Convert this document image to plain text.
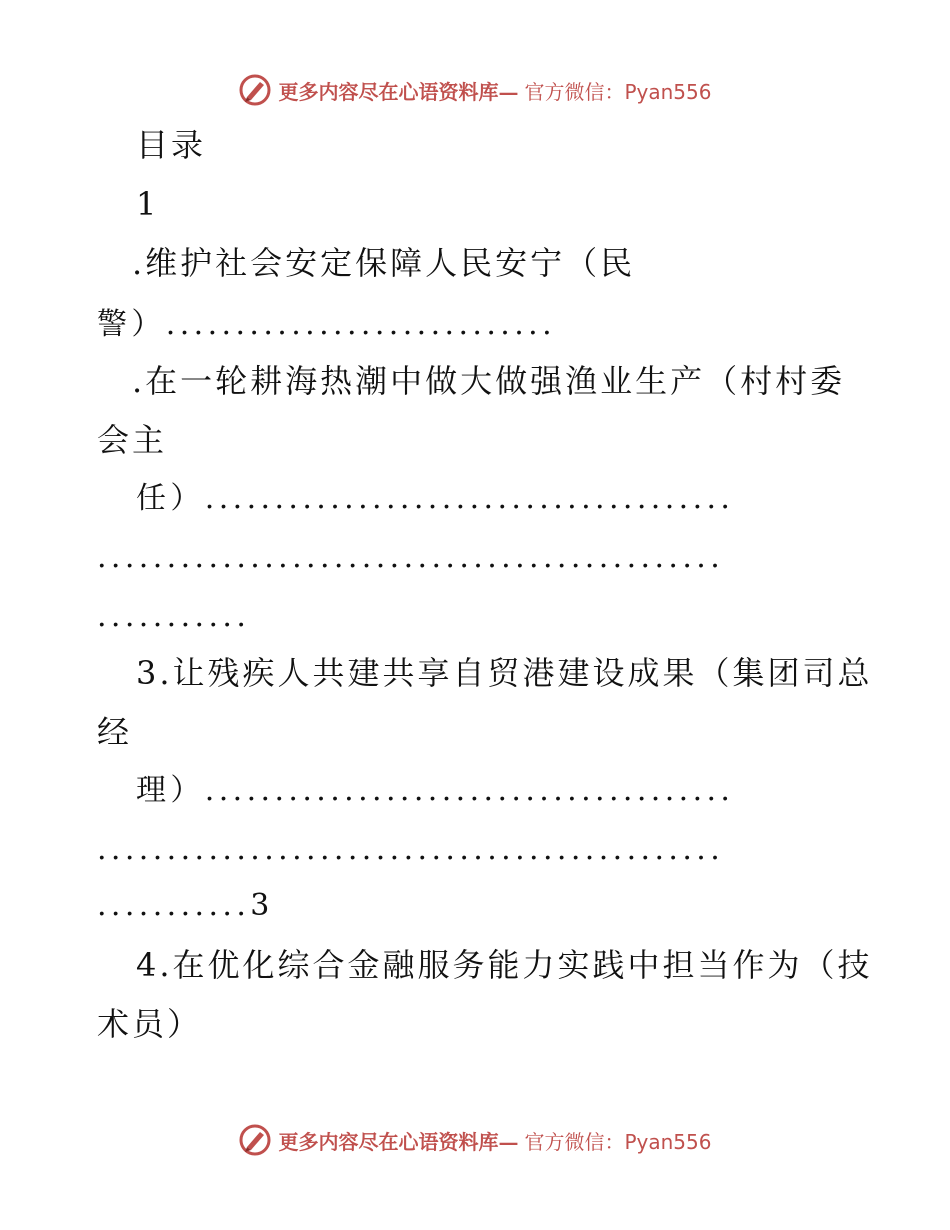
更多内容尽在心语资料库— 官方微信：Pyan556
目录
1
.维护社会安定保障人民安宁（民
警）............................
.在一轮耕海热潮中做大做强渔业生产（村村委
会主
任）......................................
.............................................
...........
3.让残疾人共建共享自贸港建设成果（集团司总
经
理）......................................
.............................................
...........3
4.在优化综合金融服务能力实践中担当作为（技
术员）
更多内容尽在心语资料库— 官方微信：Pyan556
